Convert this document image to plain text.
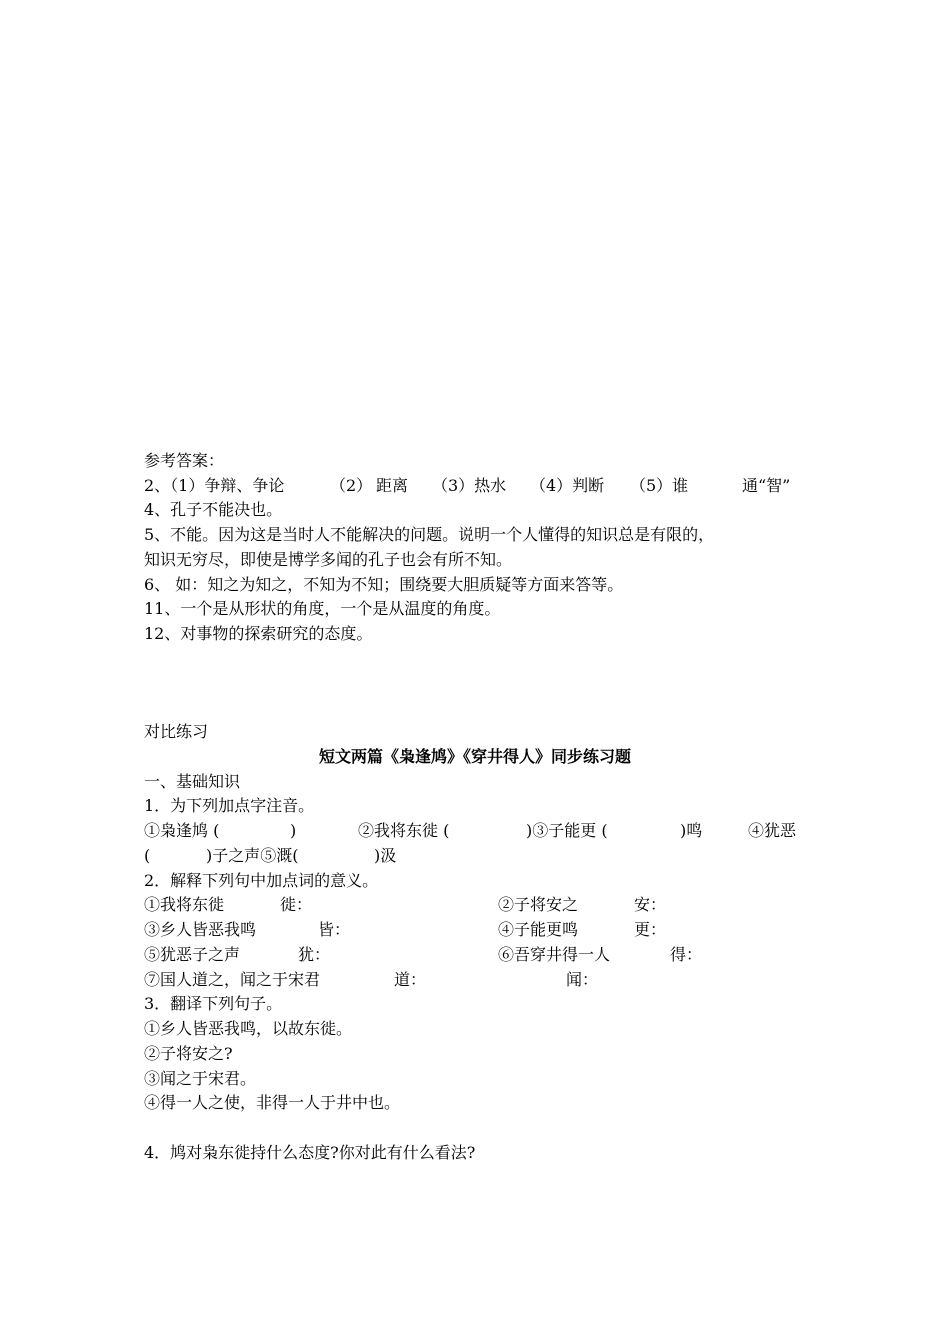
参考答案：
2、（1）争辩、争论	（2） 距离 （3）热水 （4）判断 （5）谁	通“智”
4、孔子不能决也。
5、不能。因为这是当时人不能解决的问题。说明一个人懂得的知识总是有限的，
知识无穷尽，即使是博学多闻的孔子也会有所不知。
6、 如：知之为知之，不知为不知；围绕要大胆质疑等方面来答等。
11、一个是从形状的角度，一个是从温度的角度。
12、对事物的探索研究的态度。
对比练习
短文两篇《枭逢鸠》《穿井得人》同步练习题
一、基础知识
1．为下列加点字注音。
①枭逢鸠 (	)	②我将东徙 (	)③子能更 (	)鸣	④犹恶
(	)子之声⑤溉(	)汲
2．解释下列句中加点词的意义。
①我将东徙	徙：	②子将安之	安：
③乡人皆恶我鸣	皆：	④子能更鸣	更：
⑤犹恶子之声	犹：	⑥吾穿井得一人	得：
⑦国人道之，闻之于宋君	道：	闻：
3．翻译下列句子。
①乡人皆恶我鸣，以故东徙。
②子将安之?
③闻之于宋君。
④得一人之使，非得一人于井中也。
4．鸠对枭东徙持什么态度?你对此有什么看法?
